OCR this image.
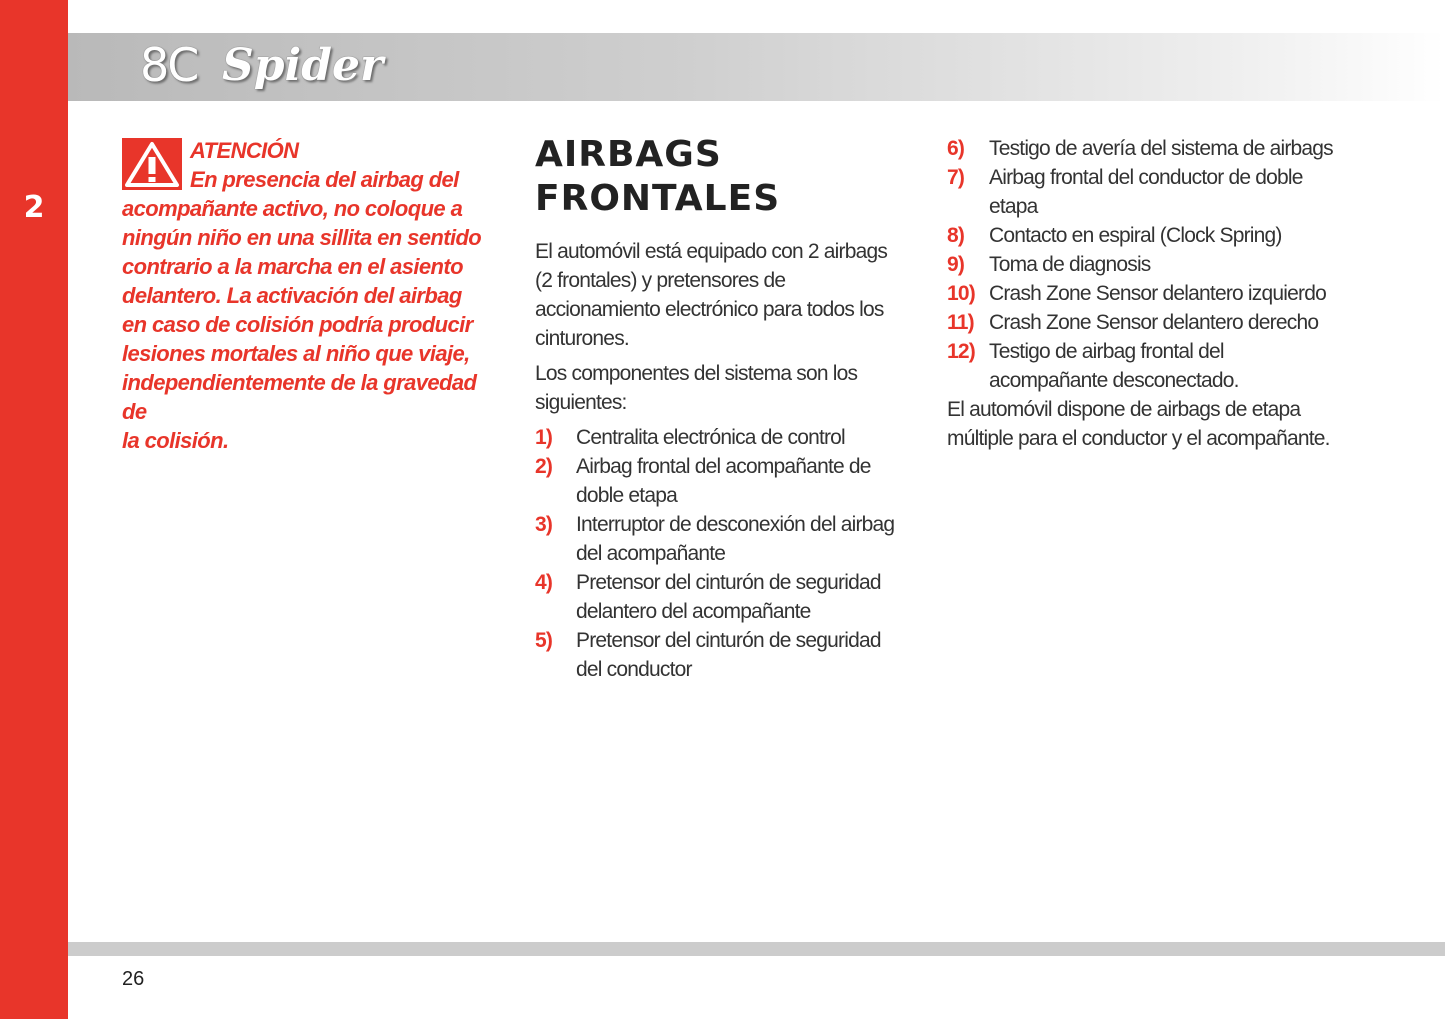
2
8C Spider

ATENCIÓN
En presencia del airbag del
acompañante activo, no coloque a
ningún niño en una sillita en sentido
contrario a la marcha en el asiento
delantero. La activación del airbag
en caso de colisión podría producir
lesiones mortales al niño que viaje,
independientemente de la gravedad de
la colisión.

AIRBAGS
FRONTALES

El automóvil está equipado con 2 airbags (2 frontales) y pretensores de accionamiento electrónico para todos los cinturones.

Los componentes del sistema son los siguientes:

1) Centralita electrónica de control
2) Airbag frontal del acompañante de doble etapa
3) Interruptor de desconexión del airbag del acompañante
4) Pretensor del cinturón de seguridad delantero del acompañante
5) Pretensor del cinturón de seguridad del conductor
6) Testigo de avería del sistema de airbags
7) Airbag frontal del conductor de doble etapa
8) Contacto en espiral (Clock Spring)
9) Toma de diagnosis
10) Crash Zone Sensor delantero izquierdo
11) Crash Zone Sensor delantero derecho
12) Testigo de airbag frontal del acompañante desconectado.

El automóvil dispone de airbags de etapa múltiple para el conductor y el acompañante.

26
